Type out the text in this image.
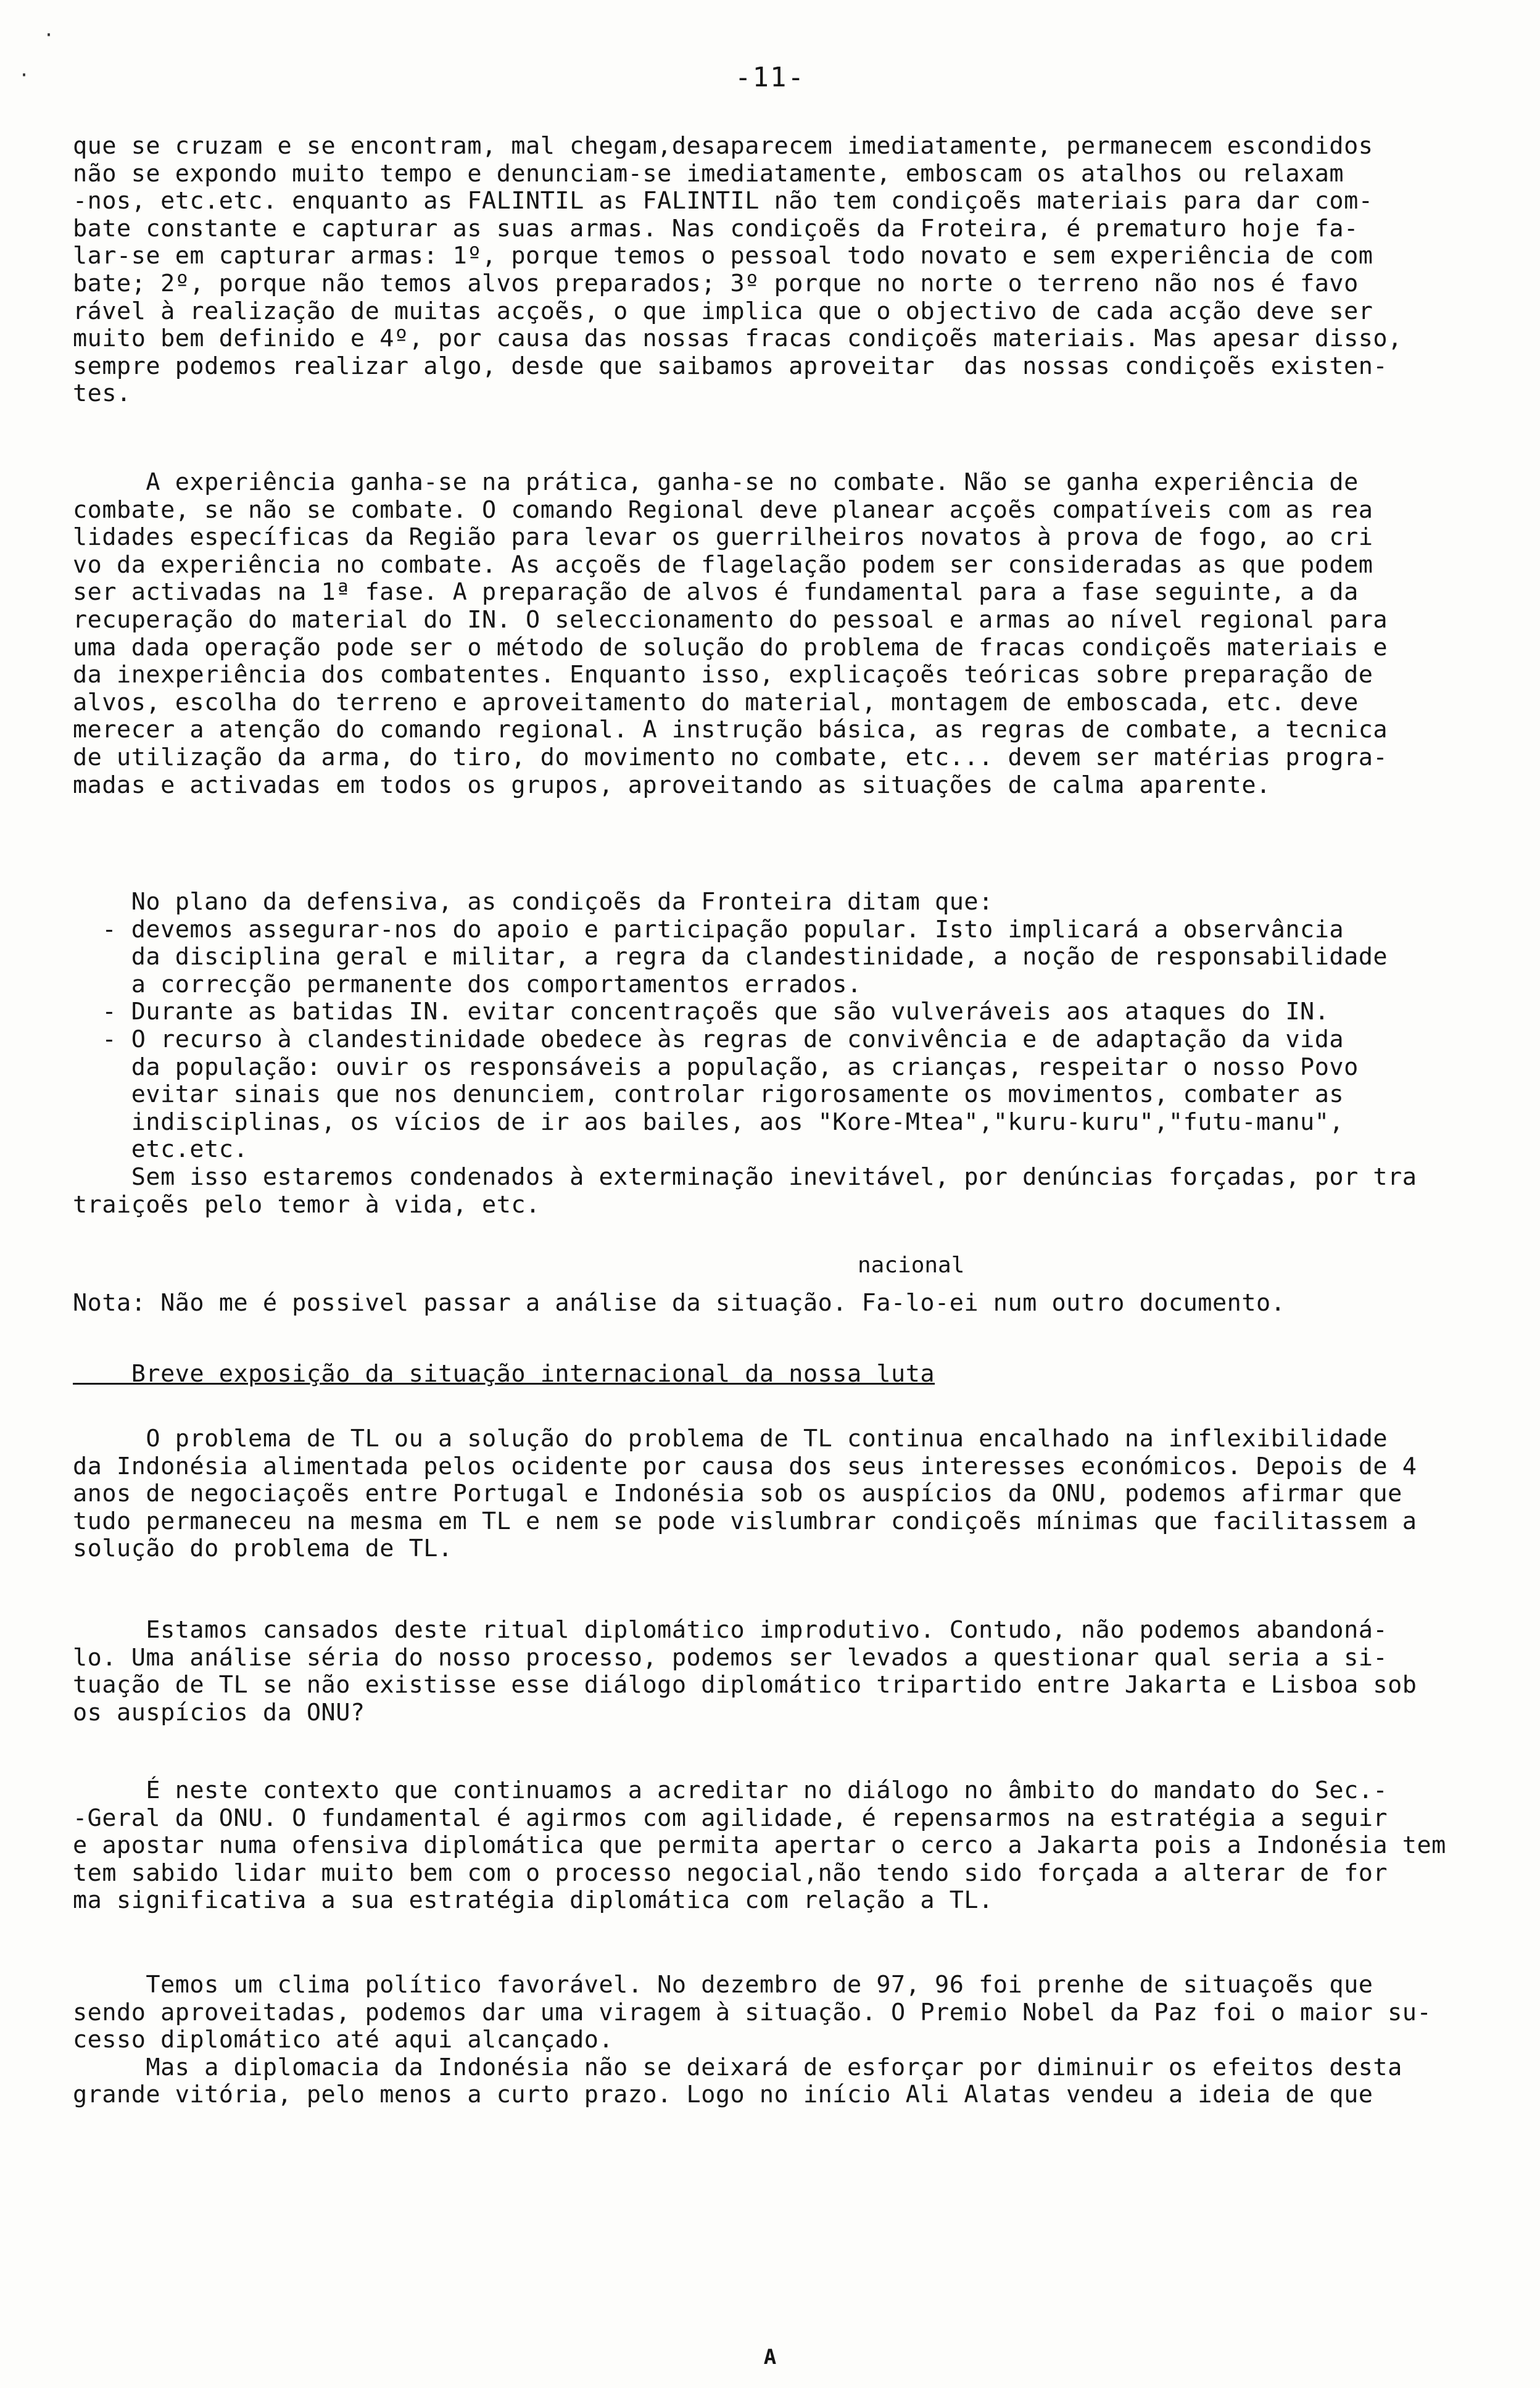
·
·	-11-
nacional
que se cruzam e se encontram, mal chegam,desaparecem imediatamente, permanecem escondidos
não se expondo muito tempo e denunciam-se imediatamente, emboscam os atalhos ou relaxam
-nos, etc.etc. enquanto as FALINTIL as FALINTIL não tem condiçoẽs materiais para dar com-
bate constante e capturar as suas armas. Nas condiçoẽs da Froteira, é prematuro hoje fa-
lar-se em capturar armas: 1º, porque temos o pessoal todo novato e sem experiência de com
bate; 2º, porque não temos alvos preparados; 3º porque no norte o terreno não nos é favo
rável à realização de muitas acçoẽs, o que implica que o objectivo de cada acção deve ser
muito bem definido e 4º, por causa das nossas fracas condiçoẽs materiais. Mas apesar disso,
sempre podemos realizar algo, desde que saibamos aproveitar  das nossas condiçoẽs existen-
tes.
A experiência ganha-se na prática, ganha-se no combate. Não se ganha experiência de
combate, se não se combate. O comando Regional deve planear acçoẽs compatíveis com as rea
lidades específicas da Região para levar os guerrilheiros novatos à prova de fogo, ao cri
vo da experiência no combate. As acçoẽs de flagelação podem ser consideradas as que podem
ser activadas na 1ª fase. A preparação de alvos é fundamental para a fase seguinte, a da
recuperação do material do IN. O seleccionamento do pessoal e armas ao nível regional para
uma dada operação pode ser o método de solução do problema de fracas condiçoẽs materiais e
da inexperiência dos combatentes. Enquanto isso, explicaçoẽs teóricas sobre preparação de
alvos, escolha do terreno e aproveitamento do material, montagem de emboscada, etc. deve
merecer a atenção do comando regional. A instrução básica, as regras de combate, a tecnica
de utilização da arma, do tiro, do movimento no combate, etc... devem ser matérias progra-
madas e activadas em todos os grupos, aproveitando as situações de calma aparente.
No plano da defensiva, as condiçoẽs da Fronteira ditam que:
- devemos assegurar-nos do apoio e participação popular. Isto implicará a observância
da disciplina geral e militar, a regra da clandestinidade, a noção de responsabilidade
a correcção permanente dos comportamentos errados.
- Durante as batidas IN. evitar concentraçoẽs que são vulveráveis aos ataques do IN.
- O recurso à clandestinidade obedece às regras de convivência e de adaptação da vida
da população: ouvir os responsáveis a população, as crianças, respeitar o nosso Povo
evitar sinais que nos denunciem, controlar rigorosamente os movimentos, combater as
indisciplinas, os vícios de ir aos bailes, aos "Kore-Mtea","kuru-kuru","futu-manu",
etc.etc.
Sem isso estaremos condenados à exterminação inevitável, por denúncias forçadas, por tra
traiçoẽs pelo temor à vida, etc.
Nota: Não me é possivel passar a análise da situação. Fa-lo-ei num outro documento.
Breve exposição da situação internacional da nossa luta
O problema de TL ou a solução do problema de TL continua encalhado na inflexibilidade
da Indonésia alimentada pelos ocidente por causa dos seus interesses económicos. Depois de 4
anos de negociaçoẽs entre Portugal e Indonésia sob os auspícios da ONU, podemos afirmar que
tudo permaneceu na mesma em TL e nem se pode vislumbrar condiçoẽs mínimas que facilitassem a
solução do problema de TL.
Estamos cansados deste ritual diplomático improdutivo. Contudo, não podemos abandoná-
lo. Uma análise séria do nosso processo, podemos ser levados a questionar qual seria a si-
tuação de TL se não existisse esse diálogo diplomático tripartido entre Jakarta e Lisboa sob
os auspícios da ONU?
É neste contexto que continuamos a acreditar no diálogo no âmbito do mandato do Sec.-
-Geral da ONU. O fundamental é agirmos com agilidade, é repensarmos na estratégia a seguir
e apostar numa ofensiva diplomática que permita apertar o cerco a Jakarta pois a Indonésia tem
tem sabido lidar muito bem com o processo negocial,não tendo sido forçada a alterar de for
ma significativa a sua estratégia diplomática com relação a TL.
Temos um clima político favorável. No dezembro de 97, 96 foi prenhe de situaçoẽs que
sendo aproveitadas, podemos dar uma viragem à situação. O Premio Nobel da Paz foi o maior su-
cesso diplomático até aqui alcançado.
Mas a diplomacia da Indonésia não se deixará de esforçar por diminuir os efeitos desta
grande vitória, pelo menos a curto prazo. Logo no início Ali Alatas vendeu a ideia de que
A
